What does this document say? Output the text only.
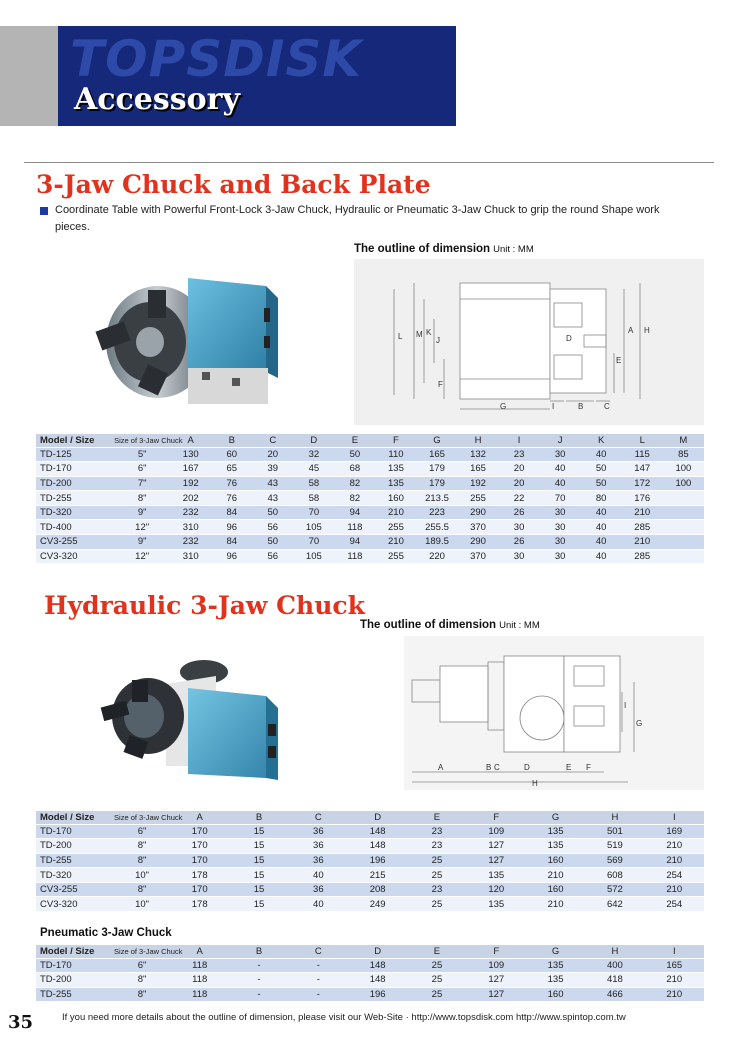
TOPSDISK
Accessory
3-Jaw Chuck and Back Plate
Coordinate Table with Powerful Front-Lock 3-Jaw Chuck, Hydraulic or Pneumatic 3-Jaw Chuck to grip the round Shape work pieces.
The outline of dimension Unit : MM
L M K
J	D
A H
E
F
G	I	B	C
Model / Size	Size of 3-Jaw Chuck	A	B	C	D	E	F	G	H	I	J	K	L	M
TD-125	5"	130	60	20	32	50	110	165	132	23	30	40	115	85
TD-170	6"	167	65	39	45	68	135	179	165	20	40	50	147	100
TD-200	7"	192	76	43	58	82	135	179	192	20	40	50	172	100
TD-255	8"	202	76	43	58	82	160	213.5	255	22	70	80	176	
TD-320	9"	232	84	50	70	94	210	223	290	26	30	40	210	
TD-400	12"	310	96	56	105	118	255	255.5	370	30	30	40	285	
CV3-255	9"	232	84	50	70	94	210	189.5	290	26	30	40	210	
CV3-320	12"	310	96	56	105	118	255	220	370	30	30	40	285	
Hydraulic 3-Jaw Chuck
The outline of dimension Unit : MM
I
G
A	B C	D	E F
H
Model / Size	Size of 3-Jaw Chuck	A	B	C	D	E	F	G	H	I
TD-170	6"	170	15	36	148	23	109	135	501	169
TD-200	8"	170	15	36	148	23	127	135	519	210
TD-255	8"	170	15	36	196	25	127	160	569	210
TD-320	10"	178	15	40	215	25	135	210	608	254
CV3-255	8"	170	15	36	208	23	120	160	572	210
CV3-320	10"	178	15	40	249	25	135	210	642	254
Pneumatic 3-Jaw Chuck
Model / Size	Size of 3-Jaw Chuck	A	B	C	D	E	F	G	H	I
TD-170	6"	118	-	-	148	25	109	135	400	165
TD-200	8"	118	-	-	148	25	127	135	418	210
TD-255	8"	118	-	-	196	25	127	160	466	210
35	If you need more details about the outline of dimension, please visit our Web-Site · http://www.topsdisk.com http://www.spintop.com.tw
